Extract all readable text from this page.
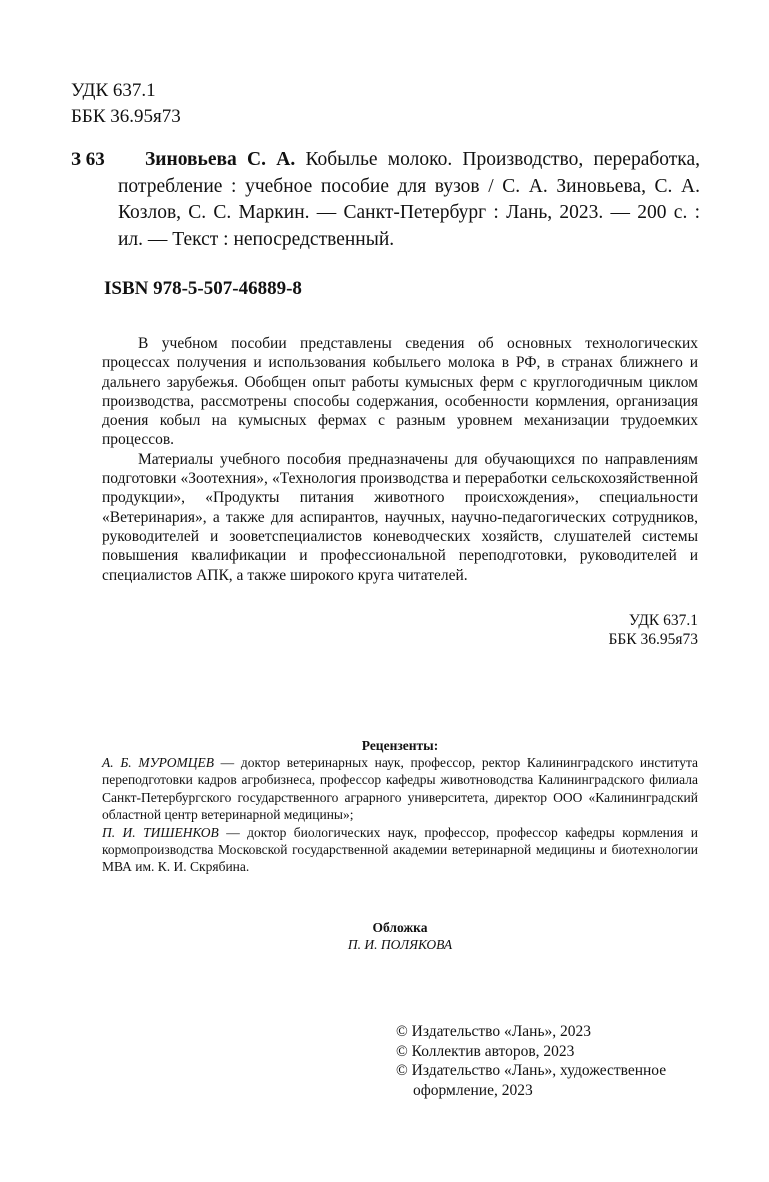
УДК 637.1
ББК 36.95я73
З 63	Зиновьева С. А. Кобылье молоко. Производство, переработка, потребление : учебное пособие для вузов / С. А. Зиновьева, С. А. Козлов, С. С. Маркин. — Санкт-Петербург : Лань, 2023. — 200 с. : ил. — Текст : непосредственный.

ISBN 978-5-507-46889-8

В учебном пособии представлены сведения об основных технологических процессах получения и использования кобыльего молока в РФ, в странах ближнего и дальнего зарубежья. Обобщен опыт работы кумысных ферм с круглогодичным циклом производства, рассмотрены способы содержания, особенности кормления, организация доения кобыл на кумысных фермах с разным уровнем механизации трудоемких процессов.

Материалы учебного пособия предназначены для обучающихся по направлениям подготовки «Зоотехния», «Технология производства и переработки сельскохозяйственной продукции», «Продукты питания животного происхождения», специальности «Ветеринария», а также для аспирантов, научных, научно-педагогических сотрудников, руководителей и зооветспециалистов коневодческих хозяйств, слушателей системы повышения квалификации и профессиональной переподготовки, руководителей и специалистов АПК, а также широкого круга читателей.

УДК 637.1
ББК 36.95я73
Рецензенты:

А. Б. МУРОМЦЕВ — доктор ветеринарных наук, профессор, ректор Калининградского института переподготовки кадров агробизнеса, профессор кафедры животноводства Калининградского филиала Санкт-Петербургского государственного аграрного университета, директор ООО «Калининградский областной центр ветеринарной медицины»;

П. И. ТИШЕНКОВ — доктор биологических наук, профессор, профессор кафедры кормления и кормопроизводства Московской государственной академии ветеринарной медицины и биотехнологии МВА им. К. И. Скрябина.

Обложка
П. И. ПОЛЯКОВА
© Издательство «Лань», 2023
© Коллектив авторов, 2023
© Издательство «Лань», художественное
оформление, 2023
